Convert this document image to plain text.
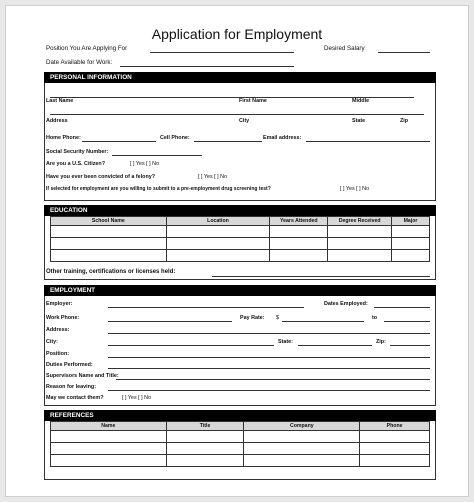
Application for Employment
Position You Are Applying For	Desired Salary
Date Available for Work:
PERSONAL INFORMATION
Last Name	First Name	Middle
Address	City	State	Zip
Home Phone:	Cell Phone:	Email address:
Social Security Number:
Are you a U.S. Citizen?	[ ] Yes [ ] No
Have you ever been convicted of a felony?	[ ] Yes [ ] No
If selected for employment are you willing to submit to a pre-employment drug screening test?	[ ] Yes [ ] No
EDUCATION
School Name	Location	Years Attended	Degree Received	Major

Other training, certifications or licenses held:
EMPLOYMENT
Employer:	Dates Employed:
Work Phone:	Pay Rate: $	to
Address:
City:	State:	Zip:
Position:
Duties Performed:
Supervisors Name and Title:
Reason for leaving:
May we contact them?	[ ] Yes [ ] No
REFERENCES
Name	Title	Company	Phone
